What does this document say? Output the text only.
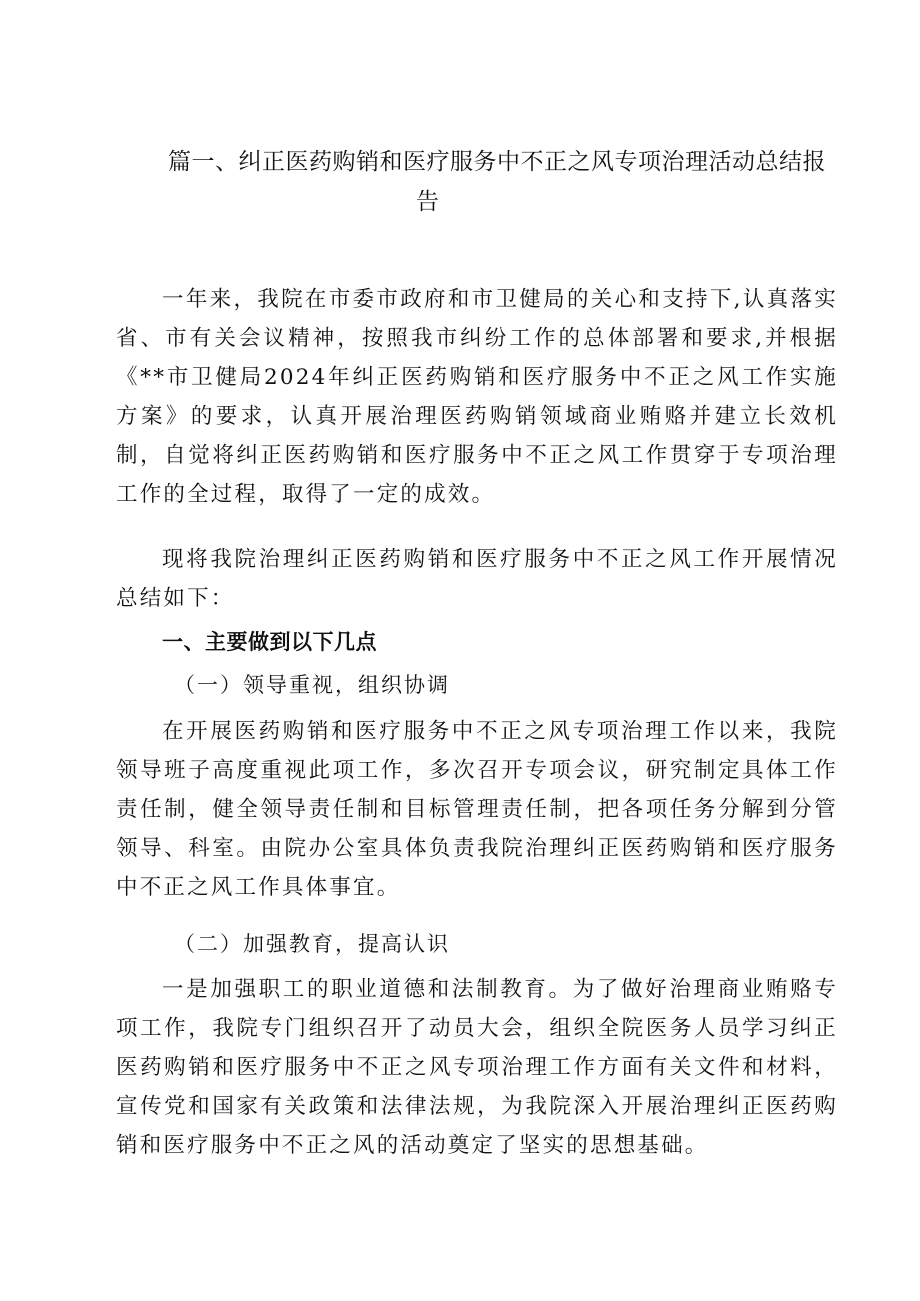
篇一、纠正医药购销和医疗服务中不正之风专项治理活动总结报
告

一年来，我院在市委市政府和市卫健局的关心和支持下,认真落实省、市有关会议精神，按照我市纠纷工作的总体部署和要求,并根据《**市卫健局2024年纠正医药购销和医疗服务中不正之风工作实施方案》的要求，认真开展治理医药购销领域商业贿赂并建立长效机制，自觉将纠正医药购销和医疗服务中不正之风工作贯穿于专项治理工作的全过程，取得了一定的成效。

现将我院治理纠正医药购销和医疗服务中不正之风工作开展情况总结如下：

一、主要做到以下几点

（一）领导重视，组织协调

在开展医药购销和医疗服务中不正之风专项治理工作以来，我院领导班子高度重视此项工作，多次召开专项会议，研究制定具体工作责任制，健全领导责任制和目标管理责任制，把各项任务分解到分管领导、科室。由院办公室具体负责我院治理纠正医药购销和医疗服务中不正之风工作具体事宜。

（二）加强教育，提高认识

一是加强职工的职业道德和法制教育。为了做好治理商业贿赂专项工作，我院专门组织召开了动员大会，组织全院医务人员学习纠正医药购销和医疗服务中不正之风专项治理工作方面有关文件和材料，宣传党和国家有关政策和法律法规，为我院深入开展治理纠正医药购销和医疗服务中不正之风的活动奠定了坚实的思想基础。
